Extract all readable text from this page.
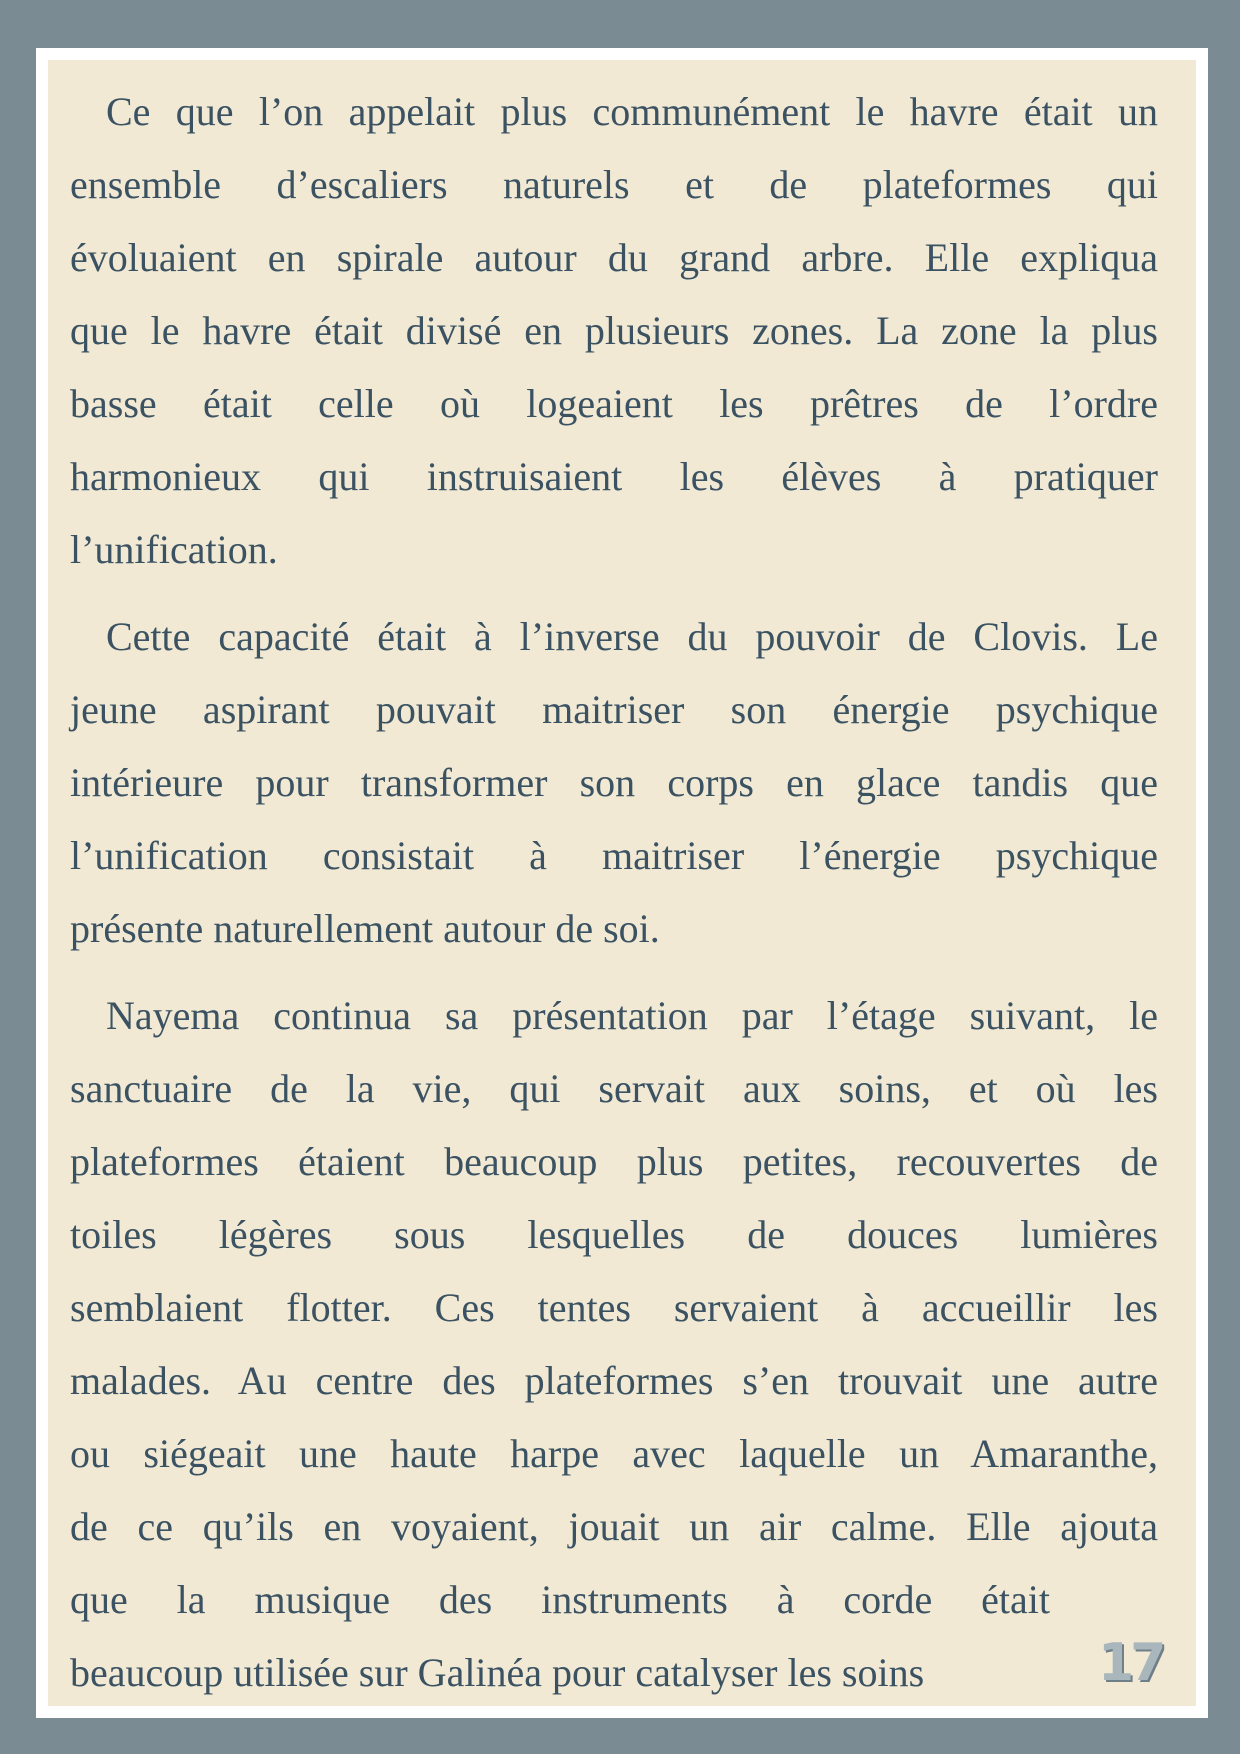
Ce que l’on appelait plus communément le havre était un
ensemble d’escaliers naturels et de plateformes qui
évoluaient en spirale autour du grand arbre. Elle expliqua
que le havre était divisé en plusieurs zones. La zone la plus
basse était celle où logeaient les prêtres de l’ordre
harmonieux qui instruisaient les élèves à pratiquer
l’unification.
Cette capacité était à l’inverse du pouvoir de Clovis. Le
jeune aspirant pouvait maitriser son énergie psychique
intérieure pour transformer son corps en glace tandis que
l’unification consistait à maitriser l’énergie psychique
présente naturellement autour de soi.
Nayema continua sa présentation par l’étage suivant, le
sanctuaire de la vie, qui servait aux soins, et où les
plateformes étaient beaucoup plus petites, recouvertes de
toiles légères sous lesquelles de douces lumières
semblaient flotter. Ces tentes servaient à accueillir les
malades. Au centre des plateformes s’en trouvait une autre
ou siégeait une haute harpe avec laquelle un Amaranthe,
de ce qu’ils en voyaient, jouait un air calme. Elle ajouta
que la musique des instruments à corde était
beaucoup utilisée sur Galinéa pour catalyser les soins	17
